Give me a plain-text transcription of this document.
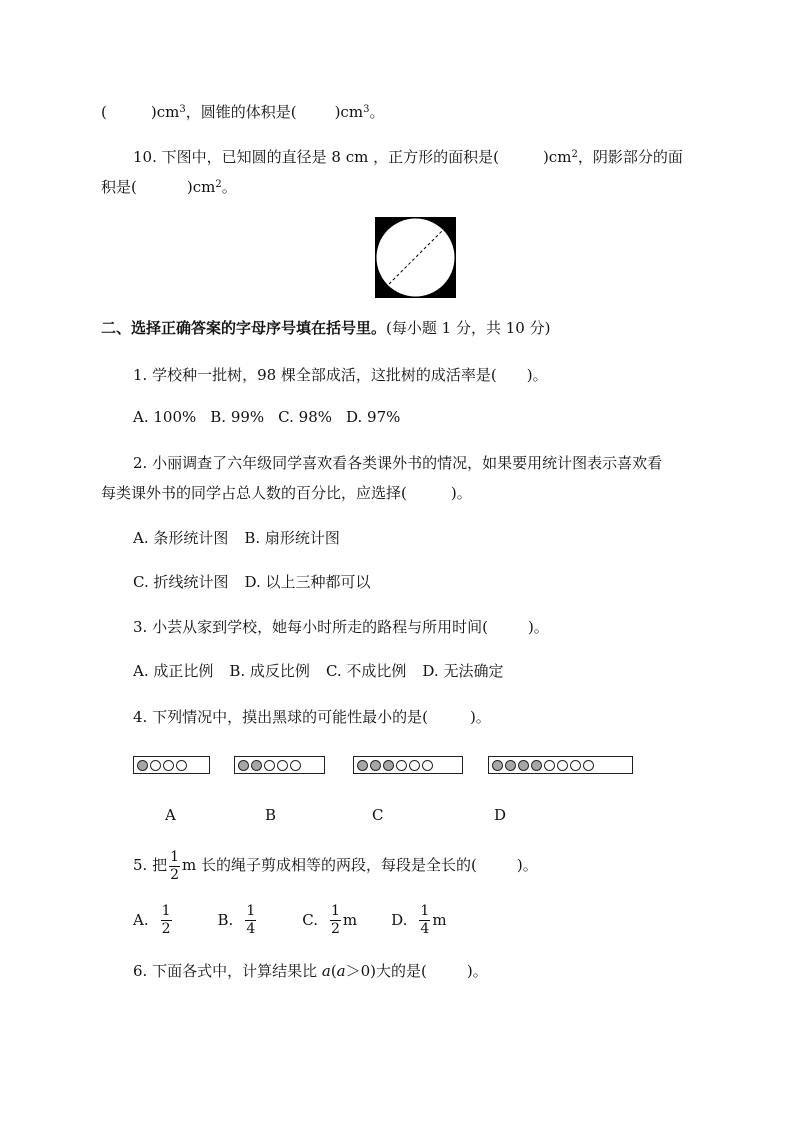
(	)$cm^3$，圆锥的体积是(	)$cm^3$。
10. 下图中，已知圆的直径是 8 cm ，正方形的面积是(	)$cm^2$，阴影部分的面
积是(	)$cm^2$。
二、选择正确答案的字母序号填在括号里。(每小题 1 分，共 10 分)
1. 学校种一批树，98 棵全部成活，这批树的成活率是( )。
A. 100% B. 99% C. 98% D. 97%
2. 小丽调查了六年级同学喜欢看各类课外书的情况，如果要用统计图表示喜欢看
每类课外书的同学占总人数的百分比，应选择(	)。
A. 条形统计图 B. 扇形统计图
C. 折线统计图 D. 以上三种都可以
3. 小芸从家到学校，她每小时所走的路程与所用时间(	)。
A. 成正比例 B. 成反比例 C. 不成比例 D. 无法确定
4. 下列情况中，摸出黑球的可能性最小的是(	)。
A	B	C	D
5. 把 $\frac{1}{2}$ m 长的绳子剪成相等的两段，每段是全长的(	)。
A. $\frac{1}{2}$	B. $\frac{1}{4}$	C. $\frac{1}{2}$ m D. $\frac{1}{4}$ m
6. 下面各式中，计算结果比 a(a＞0)大的是(	)。
